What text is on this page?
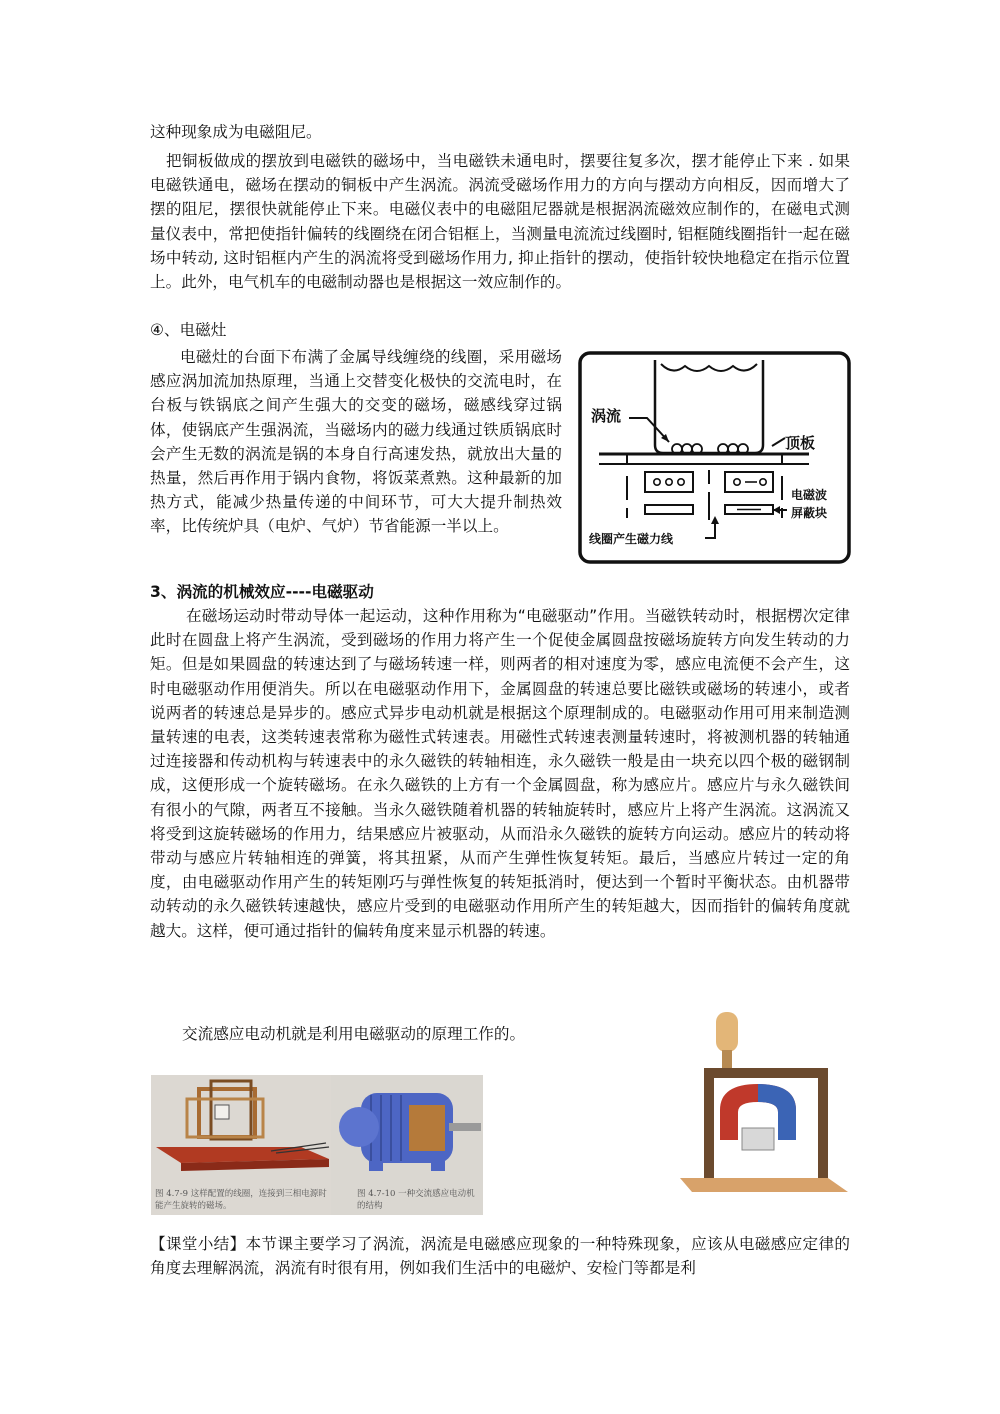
这种现象成为电磁阻尼。

把铜板做成的摆放到电磁铁的磁场中，当电磁铁未通电时，摆要往复多次，摆才能停止下来 . 如果电磁铁通电，磁场在摆动的铜板中产生涡流。涡流受磁场作用力的方向与摆动方向相反，因而增大了摆的阻尼，摆很快就能停止下来。电磁仪表中的电磁阻尼器就是根据涡流磁效应制作的，在磁电式测量仪表中，常把使指针偏转的线圈绕在闭合铝框上，当测量电流流过线圈时, 铝框随线圈指针一起在磁场中转动, 这时铝框内产生的涡流将受到磁场作用力, 抑止指针的摆动，使指针较快地稳定在指示位置上。此外，电气机车的电磁制动器也是根据这一效应制作的。

④、电磁灶

电磁灶的台面下布满了金属导线缠绕的线圈，采用磁场感应涡加流加热原理，当通上交替变化极快的交流电时，在台板与铁锅底之间产生强大的交变的磁场，磁感线穿过锅体，使锅底产生强涡流，当磁场内的磁力线通过铁质锅底时会产生无数的涡流是锅的本身自行高速发热，就放出大量的热量，然后再作用于锅内食物，将饭菜煮熟。这种最新的加热方式，能减少热量传递的中间环节，可大大提升制热效率，比传统炉具（电炉、气炉）节省能源一半以上。

3、涡流的机械效应----电磁驱动

在磁场运动时带动导体一起运动，这种作用称为“电磁驱动”作用。当磁铁转动时，根据楞次定律此时在圆盘上将产生涡流，受到磁场的作用力将产生一个促使金属圆盘按磁场旋转方向发生转动的力矩。但是如果圆盘的转速达到了与磁场转速一样，则两者的相对速度为零，感应电流便不会产生，这时电磁驱动作用便消失。所以在电磁驱动作用下，金属圆盘的转速总要比磁铁或磁场的转速小，或者说两者的转速总是异步的。感应式异步电动机就是根据这个原理制成的。电磁驱动作用可用来制造测量转速的电表，这类转速表常称为磁性式转速表。用磁性式转速表测量转速时，将被测机器的转轴通过连接器和传动机构与转速表中的永久磁铁的转轴相连，永久磁铁一般是由一块充以四个极的磁钢制成，这便形成一个旋转磁场。在永久磁铁的上方有一个金属圆盘，称为感应片。感应片与永久磁铁间有很小的气隙，两者互不接触。当永久磁铁随着机器的转轴旋转时，感应片上将产生涡流。这涡流又将受到这旋转磁场的作用力，结果感应片被驱动，从而沿永久磁铁的旋转方向运动。感应片的转动将带动与感应片转轴相连的弹簧，将其扭紧，从而产生弹性恢复转矩。最后，当感应片转过一定的角度，由电磁驱动作用产生的转矩刚巧与弹性恢复的转矩抵消时，便达到一个暂时平衡状态。由机器带动转动的永久磁铁转速越快，感应片受到的电磁驱动作用所产生的转矩越大，因而指针的偏转角度就越大。这样，便可通过指针的偏转角度来显示机器的转速。

交流感应电动机就是利用电磁驱动的原理工作的。

【课堂小结】本节课主要学习了涡流，涡流是电磁感应现象的一种特殊现象，应该从电磁感应定律的角度去理解涡流，涡流有时很有用，例如我们生活中的电磁炉、安检门等都是利

涡流
顶板
电磁波
屏蔽块
线圈产生磁力线
图 4.7-9 这样配置的线圈，连接到三相电源时能产生旋转的磁场。
图 4.7-10 一种交流感应电动机的结构
